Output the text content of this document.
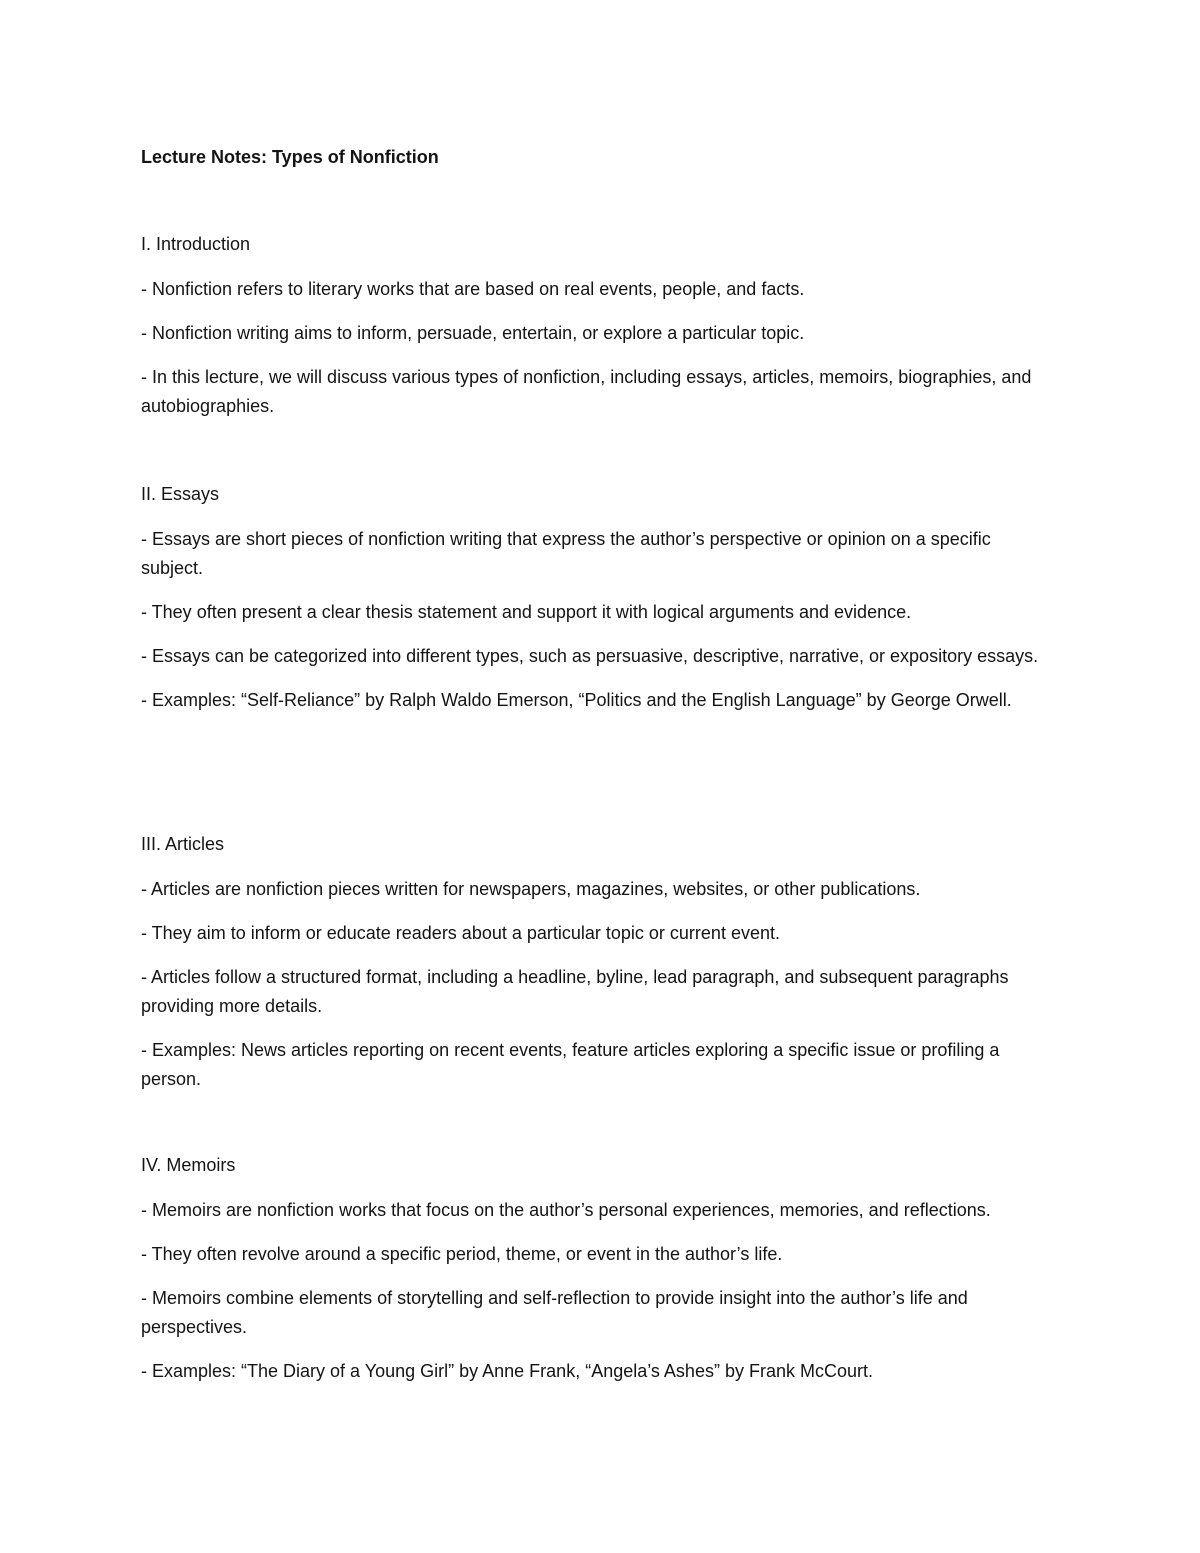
Lecture Notes: Types of Nonfiction
I. Introduction
- Nonfiction refers to literary works that are based on real events, people, and facts.
- Nonfiction writing aims to inform, persuade, entertain, or explore a particular topic.
- In this lecture, we will discuss various types of nonfiction, including essays, articles, memoirs, biographies, and autobiographies.
II. Essays
- Essays are short pieces of nonfiction writing that express the author’s perspective or opinion on a specific subject.
- They often present a clear thesis statement and support it with logical arguments and evidence.
- Essays can be categorized into different types, such as persuasive, descriptive, narrative, or expository essays.
- Examples: “Self-Reliance” by Ralph Waldo Emerson, “Politics and the English Language” by George Orwell.
III. Articles
- Articles are nonfiction pieces written for newspapers, magazines, websites, or other publications.
- They aim to inform or educate readers about a particular topic or current event.
- Articles follow a structured format, including a headline, byline, lead paragraph, and subsequent paragraphs providing more details.
- Examples: News articles reporting on recent events, feature articles exploring a specific issue or profiling a person.
IV. Memoirs
- Memoirs are nonfiction works that focus on the author’s personal experiences, memories, and reflections.
- They often revolve around a specific period, theme, or event in the author’s life.
- Memoirs combine elements of storytelling and self-reflection to provide insight into the author’s life and perspectives.
- Examples: “The Diary of a Young Girl” by Anne Frank, “Angela’s Ashes” by Frank McCourt.
